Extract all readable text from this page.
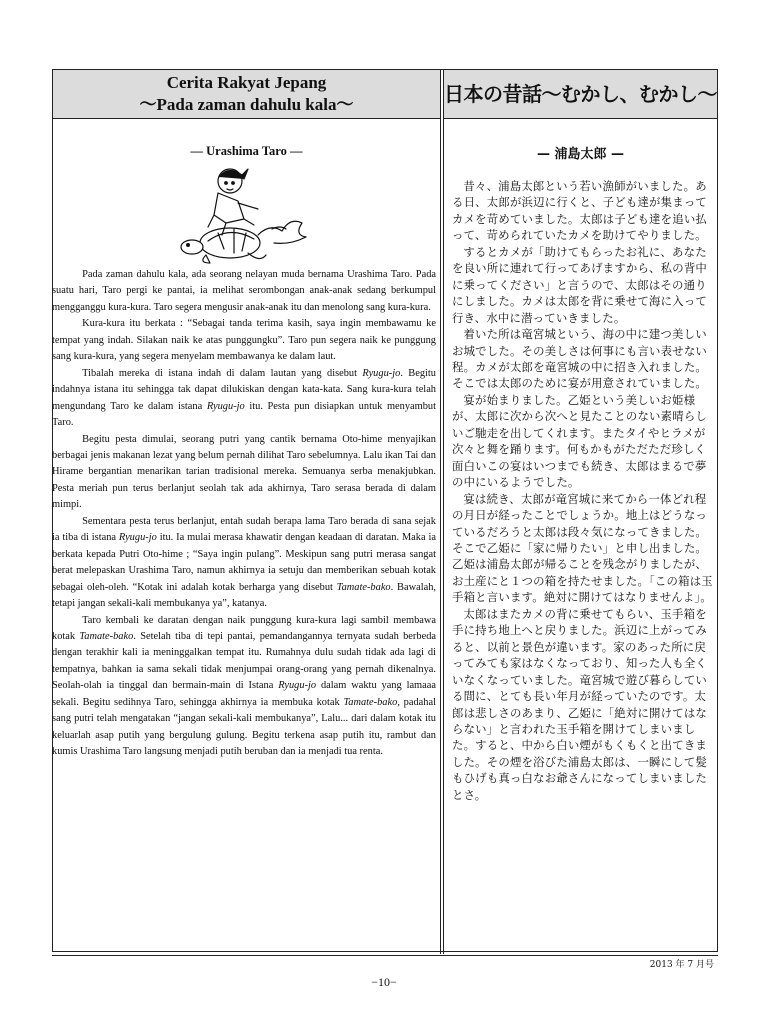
Cerita Rakyat Jepang
〜Pada zaman dahulu kala〜	日本の昔話〜むかし、むかし〜
— Urashima Taro —	— 浦島太郎 —

Pada zaman dahulu kala, ada seorang nelayan muda bernama Urashima Taro. Pada suatu hari, Taro pergi ke pantai, ia melihat serombongan anak-anak sedang berkumpul mengganggu kura-kura. Taro segera mengusir anak-anak itu dan menolong sang kura-kura.

Kura-kura itu berkata : “Sebagai tanda terima kasih, saya ingin membawamu ke tempat yang indah. Silakan naik ke atas punggungku”. Taro pun segera naik ke punggung sang kura-kura, yang segera menyelam membawanya ke dalam laut.

Tibalah mereka di istana indah di dalam lautan yang disebut Ryugu-jo. Begitu indahnya istana itu sehingga tak dapat dilukiskan dengan kata-kata. Sang kura-kura telah mengundang Taro ke dalam istana Ryugu-jo itu. Pesta pun disiapkan untuk menyambut Taro.

Begitu pesta dimulai, seorang putri yang cantik bernama Oto-hime menyajikan berbagai jenis makanan lezat yang belum pernah dilihat Taro sebelumnya. Lalu ikan Tai dan Hirame bergantian menarikan tarian tradisional mereka. Semuanya serba menakjubkan. Pesta meriah pun terus berlanjut seolah tak ada akhirnya, Taro serasa berada di dalam mimpi.

Sementara pesta terus berlanjut, entah sudah berapa lama Taro berada di sana sejak ia tiba di istana Ryugu-jo itu. Ia mulai merasa khawatir dengan keadaan di daratan. Maka ia berkata kepada Putri Oto-hime ; “Saya ingin pulang”. Meskipun sang putri merasa sangat berat melepaskan Urashima Taro, namun akhirnya ia setuju dan memberikan sebuah kotak sebagai oleh-oleh. “Kotak ini adalah kotak berharga yang disebut Tamate-bako. Bawalah, tetapi jangan sekali-kali membukanya ya”, katanya.

Taro kembali ke daratan dengan naik punggung kura-kura lagi sambil membawa kotak Tamate-bako. Setelah tiba di tepi pantai, pemandangannya ternyata sudah berbeda dengan terakhir kali ia meninggalkan tempat itu. Rumahnya dulu sudah tidak ada lagi di tempatnya, bahkan ia sama sekali tidak menjumpai orang-orang yang pernah dikenalnya. Seolah-olah ia tinggal dan bermain-main di Istana Ryugu-jo dalam waktu yang lamaaa sekali. Begitu sedihnya Taro, sehingga akhirnya ia membuka kotak Tamate-bako, padahal sang putri telah mengatakan “jangan sekali-kali membukanya”, Lalu... dari dalam kotak itu keluarlah asap putih yang bergulung gulung. Begitu terkena asap putih itu, rambut dan kumis Urashima Taro langsung menjadi putih beruban dan ia menjadi tua renta.

昔々、浦島太郎という若い漁師がいました。ある日、太郎が浜辺に行くと、子ども達が集まってカメを苛めていました。太郎は子ども達を追い払って、苛められていたカメを助けてやりました。

するとカメが「助けてもらったお礼に、あなたを良い所に連れて行ってあげますから、私の背中に乗ってください」と言うので、太郎はその通りにしました。カメは太郎を背に乗せて海に入って行き、水中に潜っていきました。

着いた所は竜宮城という、海の中に建つ美しいお城でした。その美しさは何事にも言い表せない程。カメが太郎を竜宮城の中に招き入れました。そこでは太郎のために宴が用意されていました。

宴が始まりました。乙姫という美しいお姫様が、太郎に次から次へと見たことのない素晴らしいご馳走を出してくれます。またタイやヒラメが次々と舞を踊ります。何もかもがただただ珍しく面白いこの宴はいつまでも続き、太郎はまるで夢の中にいるようでした。

宴は続き、太郎が竜宮城に来てから一体どれ程の月日が経ったことでしょうか。地上はどうなっているだろうと太郎は段々気になってきました。そこで乙姫に「家に帰りたい」と申し出ました。乙姫は浦島太郎が帰ることを残念がりましたが、お土産にと１つの箱を持たせました。「この箱は玉手箱と言います。絶対に開けてはなりませんよ」。

太郎はまたカメの背に乗せてもらい、玉手箱を手に持ち地上へと戻りました。浜辺に上がってみると、以前と景色が違います。家のあった所に戻ってみても家はなくなっており、知った人も全くいなくなっていました。竜宮城で遊び暮らしている間に、とても長い年月が経っていたのです。太郎は悲しさのあまり、乙姫に「絶対に開けてはならない」と言われた玉手箱を開けてしまいました。すると、中から白い煙がもくもくと出てきました。その煙を浴びた浦島太郎は、一瞬にして髪もひげも真っ白なお爺さんになってしまいましたとさ。

2013 年 7 月号
−10−
